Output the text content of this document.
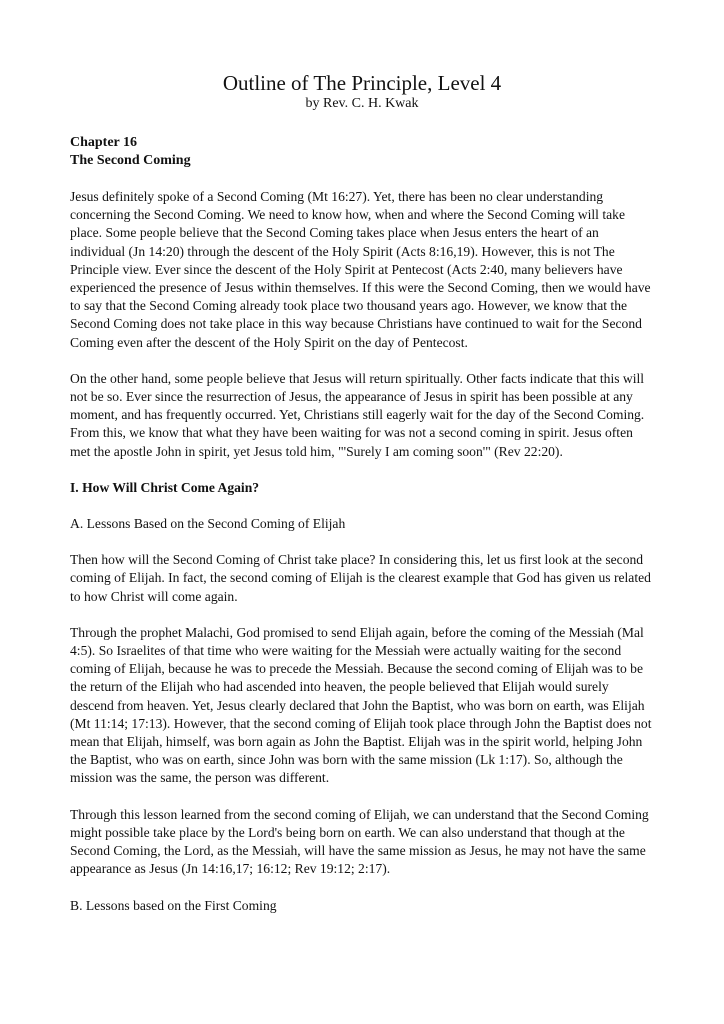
Outline of The Principle, Level 4

by Rev. C. H. Kwak

Chapter 16
The Second Coming

Jesus definitely spoke of a Second Coming (Mt 16:27). Yet, there has been no clear understanding concerning the Second Coming. We need to know how, when and where the Second Coming will take place. Some people believe that the Second Coming takes place when Jesus enters the heart of an individual (Jn 14:20) through the descent of the Holy Spirit (Acts 8:16,19). However, this is not The Principle view. Ever since the descent of the Holy Spirit at Pentecost (Acts 2:40, many believers have experienced the presence of Jesus within themselves. If this were the Second Coming, then we would have to say that the Second Coming already took place two thousand years ago. However, we know that the Second Coming does not take place in this way because Christians have continued to wait for the Second Coming even after the descent of the Holy Spirit on the day of Pentecost.

On the other hand, some people believe that Jesus will return spiritually. Other facts indicate that this will not be so. Ever since the resurrection of Jesus, the appearance of Jesus in spirit has been possible at any moment, and has frequently occurred. Yet, Christians still eagerly wait for the day of the Second Coming. From this, we know that what they have been waiting for was not a second coming in spirit. Jesus often met the apostle John in spirit, yet Jesus told him, "'Surely I am coming soon'" (Rev 22:20).

I. How Will Christ Come Again?

A. Lessons Based on the Second Coming of Elijah

Then how will the Second Coming of Christ take place? In considering this, let us first look at the second coming of Elijah. In fact, the second coming of Elijah is the clearest example that God has given us related to how Christ will come again.

Through the prophet Malachi, God promised to send Elijah again, before the coming of the Messiah (Mal 4:5). So Israelites of that time who were waiting for the Messiah were actually waiting for the second coming of Elijah, because he was to precede the Messiah. Because the second coming of Elijah was to be the return of the Elijah who had ascended into heaven, the people believed that Elijah would surely descend from heaven. Yet, Jesus clearly declared that John the Baptist, who was born on earth, was Elijah (Mt 11:14; 17:13). However, that the second coming of Elijah took place through John the Baptist does not mean that Elijah, himself, was born again as John the Baptist. Elijah was in the spirit world, helping John the Baptist, who was on earth, since John was born with the same mission (Lk 1:17). So, although the mission was the same, the person was different.

Through this lesson learned from the second coming of Elijah, we can understand that the Second Coming might possible take place by the Lord's being born on earth. We can also understand that though at the Second Coming, the Lord, as the Messiah, will have the same mission as Jesus, he may not have the same appearance as Jesus (Jn 14:16,17; 16:12; Rev 19:12; 2:17).

B. Lessons based on the First Coming
